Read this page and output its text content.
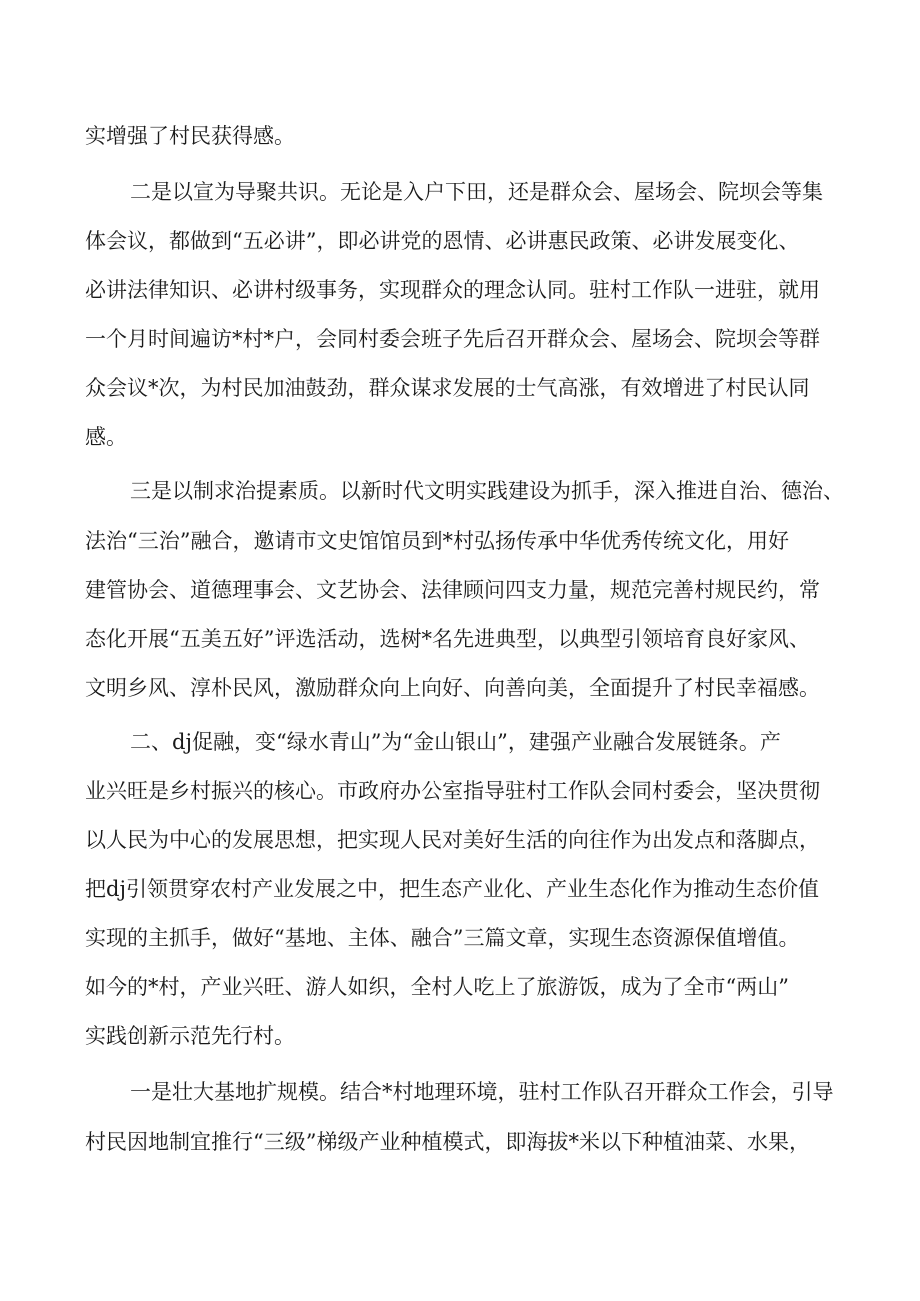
实增强了村民获得感。
二是以宣为导聚共识。无论是入户下田，还是群众会、屋场会、院坝会等集
体会议，都做到“五必讲”，即必讲党的恩情、必讲惠民政策、必讲发展变化、
必讲法律知识、必讲村级事务，实现群众的理念认同。驻村工作队一进驻，就用
一个月时间遍访*村*户，会同村委会班子先后召开群众会、屋场会、院坝会等群
众会议*次，为村民加油鼓劲，群众谋求发展的士气高涨，有效增进了村民认同
感。
三是以制求治提素质。以新时代文明实践建设为抓手，深入推进自治、德治、
法治“三治”融合，邀请市文史馆馆员到*村弘扬传承中华优秀传统文化，用好
建管协会、道德理事会、文艺协会、法律顾问四支力量，规范完善村规民约，常
态化开展“五美五好”评选活动，选树*名先进典型，以典型引领培育良好家风、
文明乡风、淳朴民风，激励群众向上向好、向善向美，全面提升了村民幸福感。
二、dj促融，变“绿水青山”为“金山银山”，建强产业融合发展链条。产
业兴旺是乡村振兴的核心。市政府办公室指导驻村工作队会同村委会，坚决贯彻
以人民为中心的发展思想，把实现人民对美好生活的向往作为出发点和落脚点，
把dj引领贯穿农村产业发展之中，把生态产业化、产业生态化作为推动生态价值
实现的主抓手，做好“基地、主体、融合”三篇文章，实现生态资源保值增值。
如今的*村，产业兴旺、游人如织，全村人吃上了旅游饭，成为了全市“两山”
实践创新示范先行村。
一是壮大基地扩规模。结合*村地理环境，驻村工作队召开群众工作会，引导
村民因地制宜推行“三级”梯级产业种植模式，即海拔*米以下种植油菜、水果，
